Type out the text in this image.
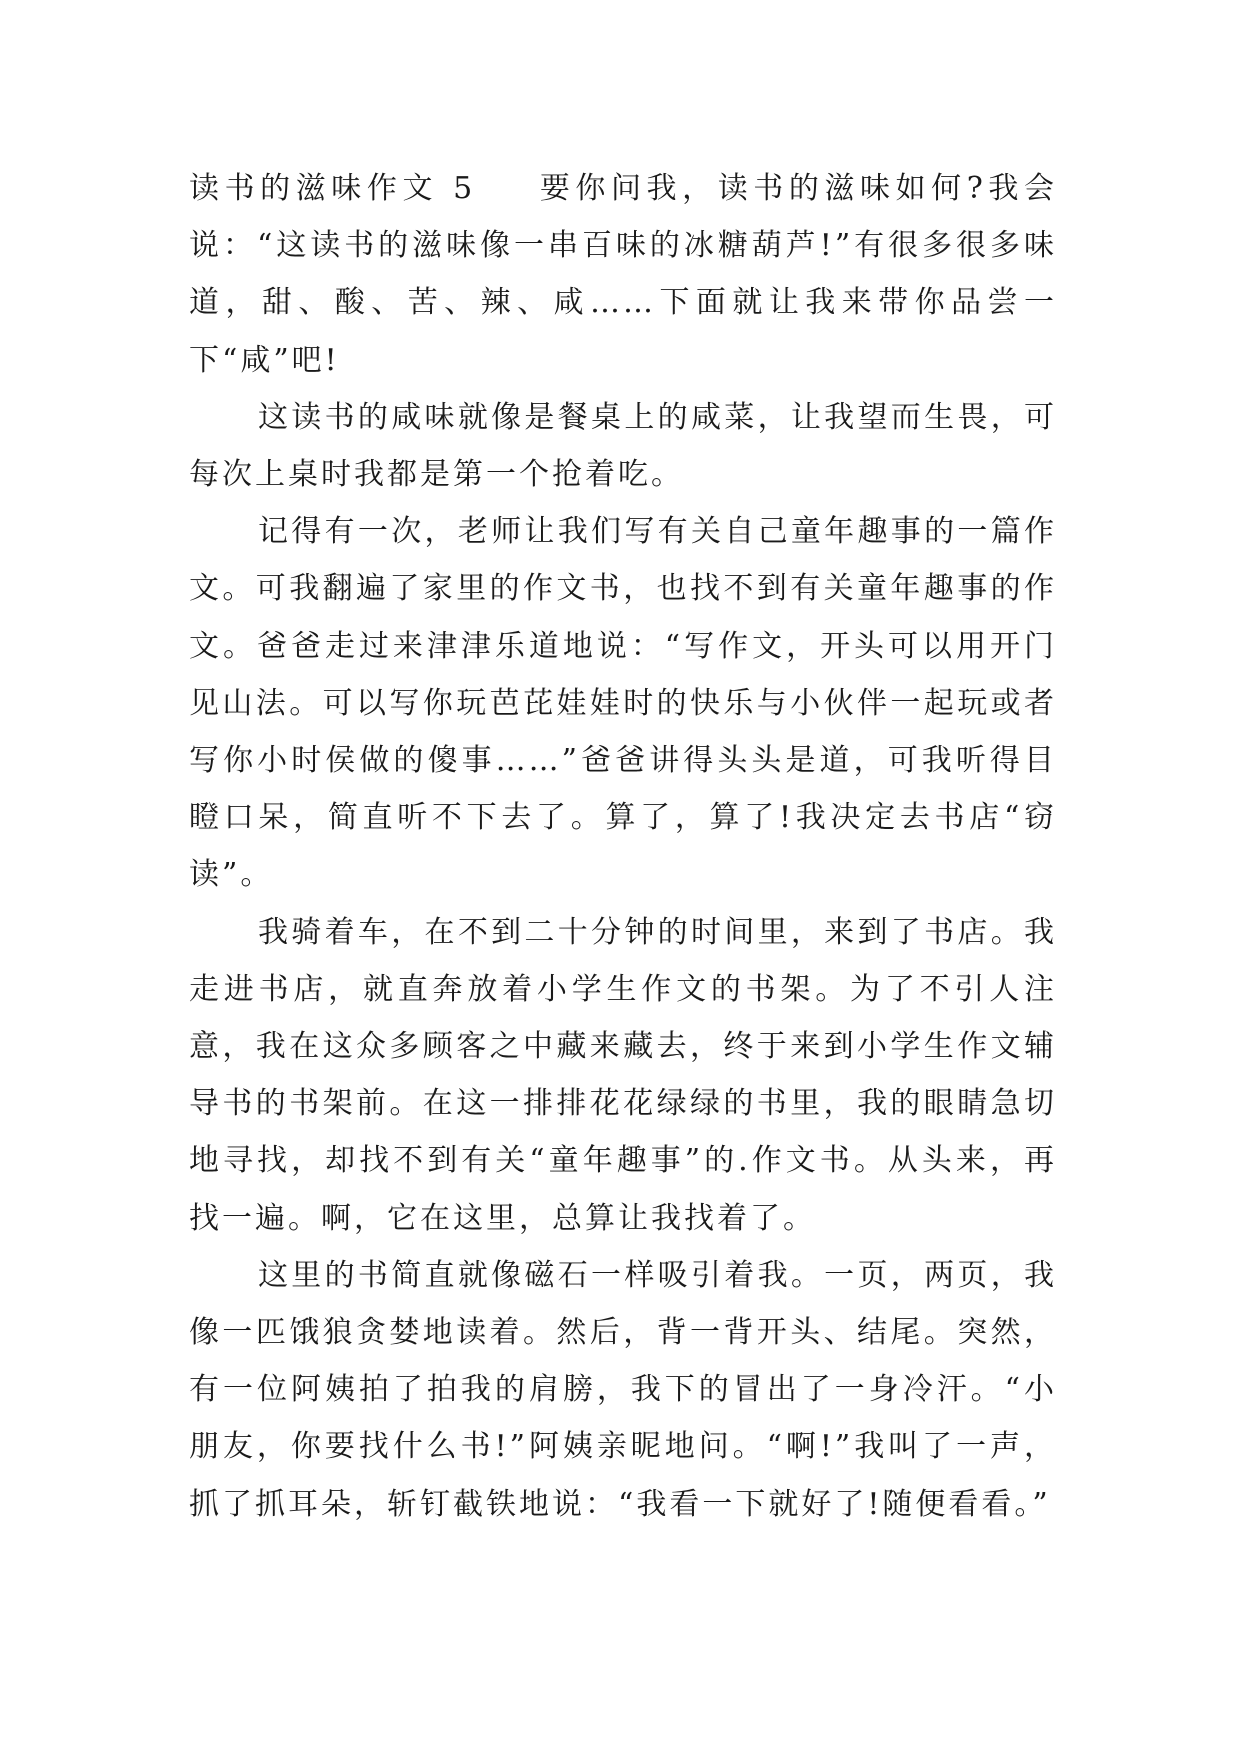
读书的滋味作文 5 要你问我，读书的滋味如何?我会说：“这读书的滋味像一串百味的冰糖葫芦!”有很多很多味道，甜、酸、苦、辣、咸……下面就让我来带你品尝一下“咸”吧!

这读书的咸味就像是餐桌上的咸菜，让我望而生畏，可每次上桌时我都是第一个抢着吃。

记得有一次，老师让我们写有关自己童年趣事的一篇作文。可我翻遍了家里的作文书，也找不到有关童年趣事的作文。爸爸走过来津津乐道地说：“写作文，开头可以用开门见山法。可以写你玩芭芘娃娃时的快乐与小伙伴一起玩或者写你小时侯做的傻事……”爸爸讲得头头是道，可我听得目瞪口呆，简直听不下去了。算了，算了!我决定去书店“窃读”。

我骑着车，在不到二十分钟的时间里，来到了书店。我走进书店，就直奔放着小学生作文的书架。为了不引人注意，我在这众多顾客之中藏来藏去，终于来到小学生作文辅导书的书架前。在这一排排花花绿绿的书里，我的眼睛急切地寻找，却找不到有关“童年趣事”的.作文书。从头来，再找一遍。啊，它在这里，总算让我找着了。

这里的书简直就像磁石一样吸引着我。一页，两页，我像一匹饿狼贪婪地读着。然后，背一背开头、结尾。突然，有一位阿姨拍了拍我的肩膀，我下的冒出了一身冷汗。“小朋友，你要找什么书!”阿姨亲昵地问。“啊!”我叫了一声，抓了抓耳朵，斩钉截铁地说：“我看一下就好了!随便看看。”
